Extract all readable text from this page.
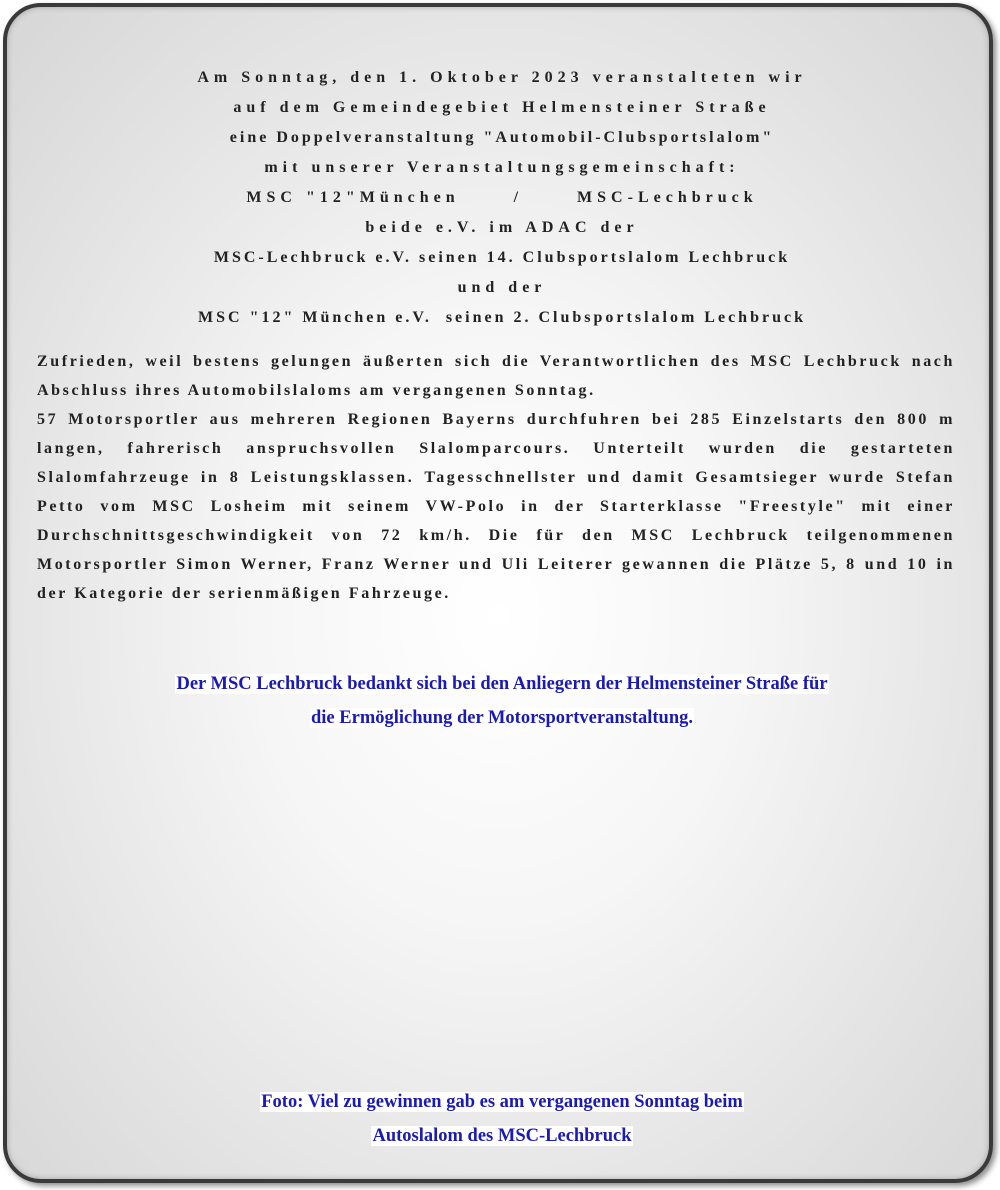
Am Sonntag, den 1. Oktober 2023 veranstalteten wir
auf dem Gemeindegebiet Helmensteiner Straße
eine Doppelveranstaltung "Automobil-Clubsportslalom"
mit unserer Veranstaltungsgemeinschaft:
MSC "12"München      /      MSC-Lechbruck
beide e.V. im ADAC der
MSC-Lechbruck e.V. seinen 14. Clubsportslalom Lechbruck
und der
MSC "12" München e.V.  seinen 2. Clubsportslalom Lechbruck

Zufrieden, weil bestens gelungen äußerten sich die Verantwortlichen des MSC Lechbruck nach Abschluss ihres Automobilslaloms am vergangenen Sonntag.

57 Motorsportler aus mehreren Regionen Bayerns durchfuhren bei 285 Einzelstarts den 800 m langen, fahrerisch anspruchsvollen Slalomparcours. Unterteilt wurden die gestarteten Slalomfahrzeuge in 8 Leistungsklassen. Tagesschnellster und damit Gesamtsieger wurde Stefan Petto vom MSC Losheim mit seinem VW-Polo in der Starterklasse "Freestyle" mit einer Durchschnittsgeschwindigkeit von 72 km/h. Die für den MSC Lechbruck teilgenommenen Motorsportler Simon Werner, Franz Werner und Uli Leiterer gewannen die Plätze 5, 8 und 10 in der Kategorie der serienmäßigen Fahrzeuge.

Der MSC Lechbruck bedankt sich bei den Anliegern der Helmensteiner Straße für
die Ermöglichung der Motorsportveranstaltung.
Foto: Viel zu gewinnen gab es am vergangenen Sonntag beim
Autoslalom des MSC-Lechbruck
